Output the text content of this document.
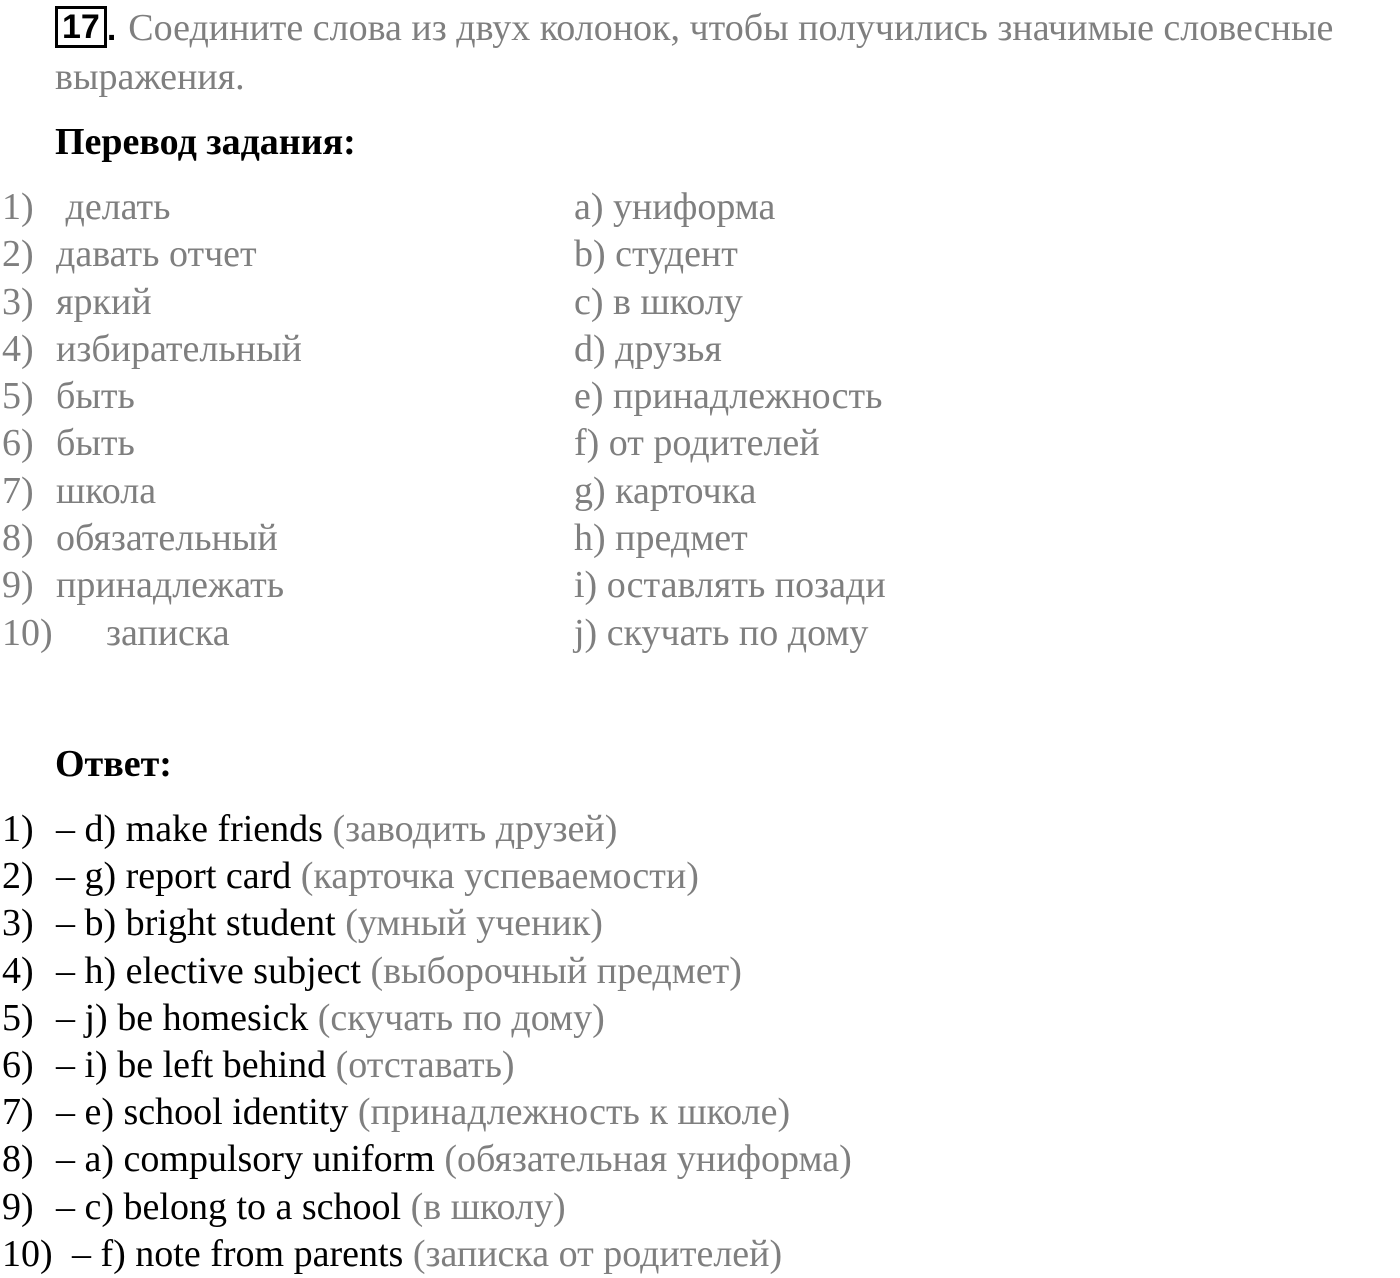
17 . Соедините слова из двух колонок, чтобы получились значимые словесные выражения.
Перевод задания:
1) делать
2) давать отчет
3) яркий
4) избирательный
5) быть
6) быть
7) школа
8) обязательный
9) принадлежать
10) записка
a) униформа
b) студент
c) в школу
d) друзья
e) принадлежность
f) от родителей
g) карточка
h) предмет
i) оставлять позади
j) скучать по дому
Ответ:
1) – d) make friends (заводить друзей)
2) – g) report card (карточка успеваемости)
3) – b) bright student (умный ученик)
4) – h) elective subject (выборочный предмет)
5) – j) be homesick (скучать по дому)
6) – i) be left behind (отставать)
7) – e) school identity (принадлежность к школе)
8) – a) compulsory uniform (обязательная униформа)
9) – c) belong to a school (в школу)
10) – f) note from parents (записка от родителей)
